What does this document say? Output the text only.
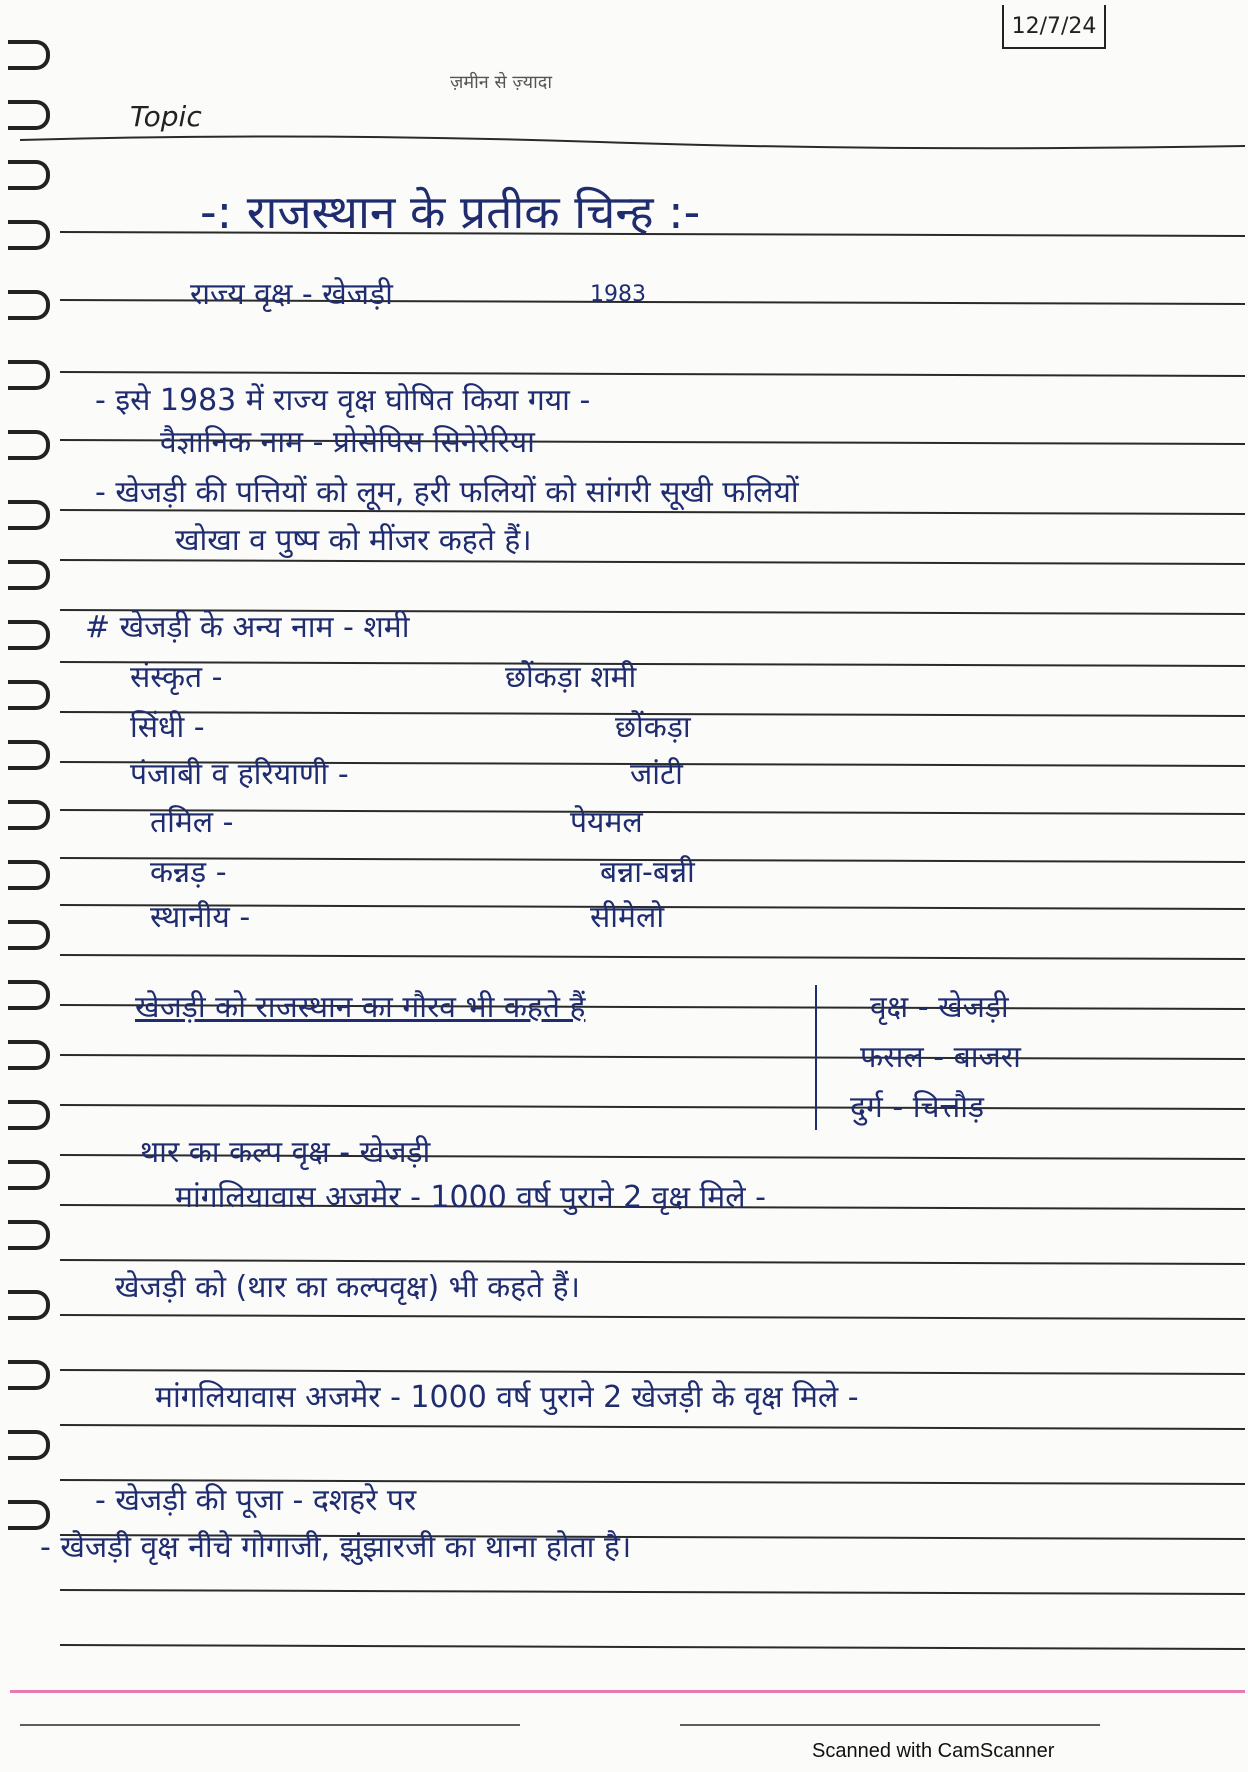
12/7/24
ज़मीन से ज़्यादा
Topic
-: राजस्थान के प्रतीक चिन्ह :-
राज्य वृक्ष - खेजड़ी	1983
- इसे 1983 में राज्य वृक्ष घोषित किया गया -
वैज्ञानिक नाम - प्रोसेपिस सिनेरेरिया
- खेजड़ी की पत्तियों को लूम, हरी फलियों को सांगरी सूखी फलियों
खोखा व पुष्प को मींजर कहते हैं।
# खेजड़ी के अन्य नाम - शमी
संस्कृत -	छोंकड़ा शमी
सिंधी -	छोंकड़ा
पंजाबी व हरियाणी -	जांटी
तमिल -	पेयमल
कन्नड़ -	बन्ना-बन्नी
स्थानीय -	सीमेलो
खेजड़ी को राजस्थान का गौरव भी कहते हैं	वृक्ष - खेजड़ी
फसल - बाजरा
दुर्ग - चित्तौड़
थार का कल्प वृक्ष - खेजड़ी
मांगलियावास अजमेर - 1000 वर्ष पुराने 2 वृक्ष मिले -
खेजड़ी को (थार का कल्पवृक्ष) भी कहते हैं।
मांगलियावास अजमेर - 1000 वर्ष पुराने 2 खेजड़ी के वृक्ष मिले -
- खेजड़ी की पूजा - दशहरे पर
- खेजड़ी वृक्ष नीचे गोगाजी, झुंझारजी का थाना होता है।
Scanned with CamScanner
